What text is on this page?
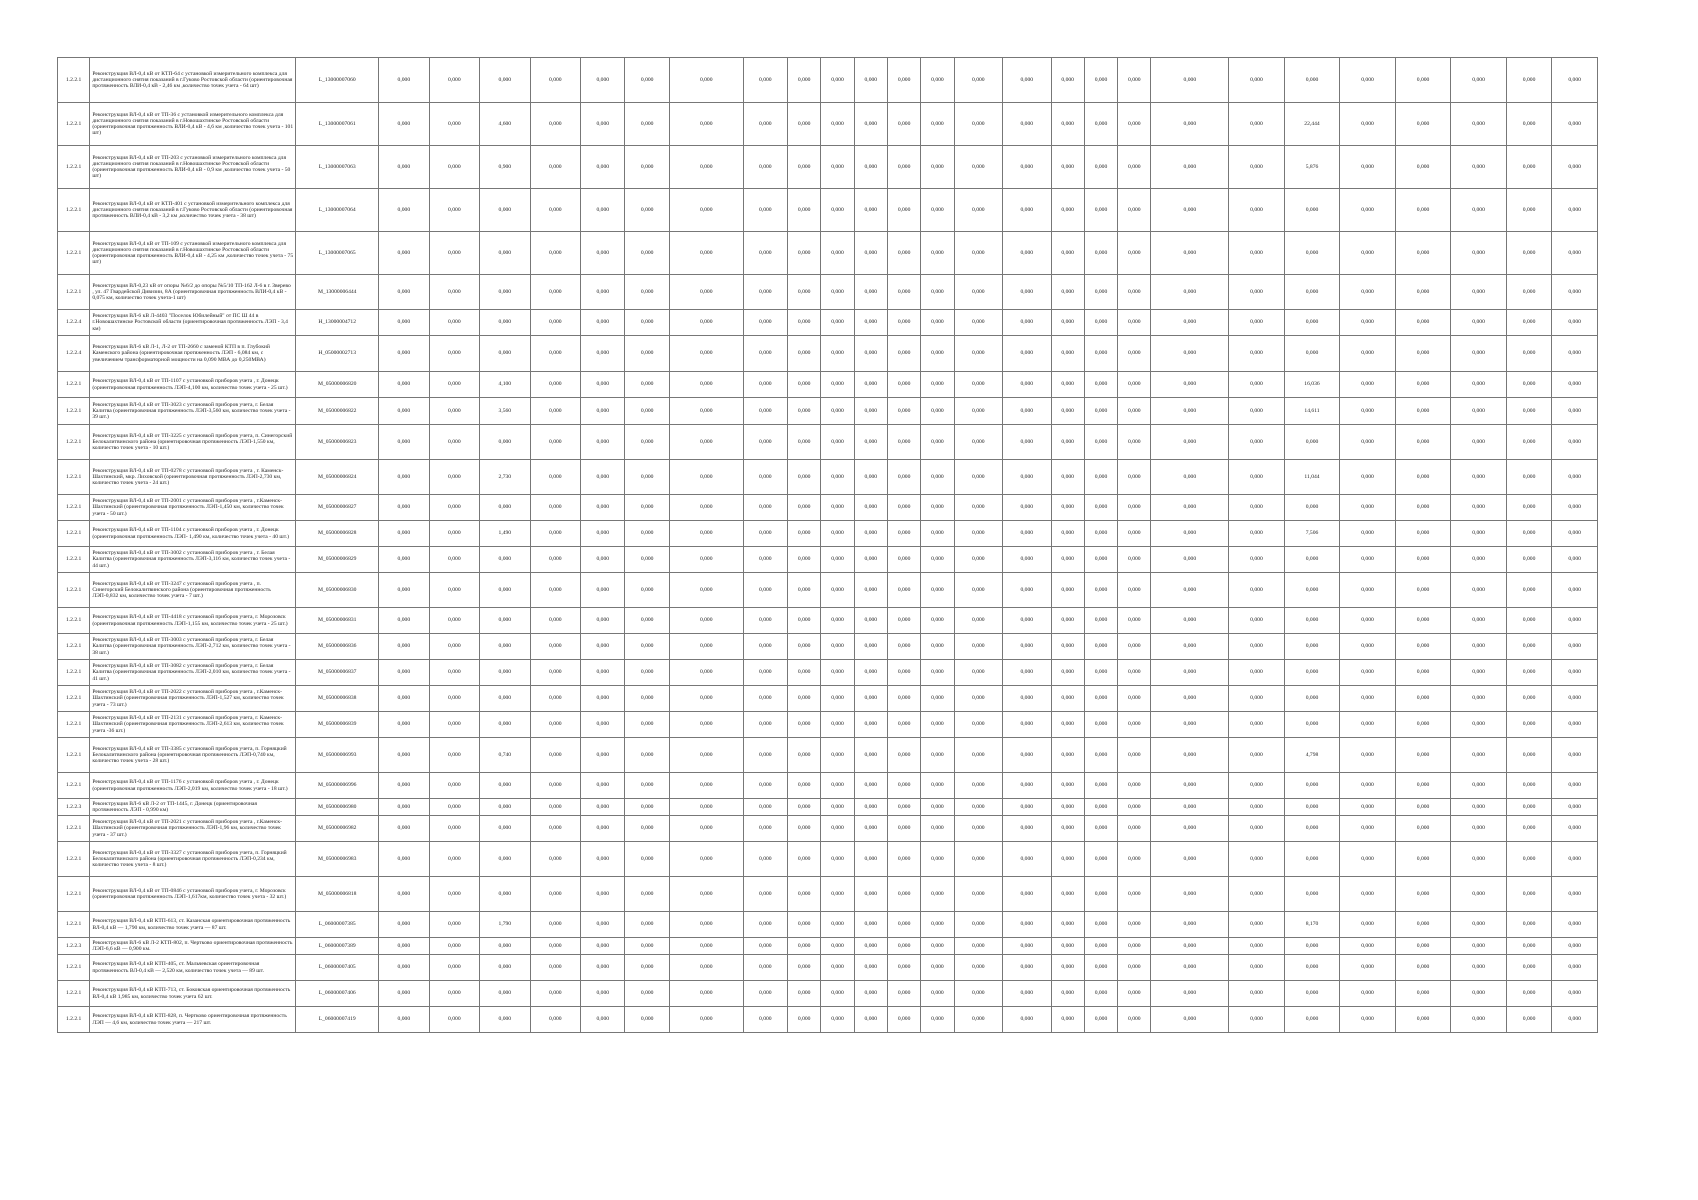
1.2.2.1	Реконструкция ВЛ-0,4 кВ от КТП-64 с установкой измерительного комплекса для дистанционного снятия показаний в г.Гуково Ростовской области (ориентировочная протяженность ВЛИ-0,4 кВ - 2,46 км ,количество точек учета - 64 шт)	L_13000007060	0,000	0,000	0,000	0,000	0,000	0,000	0,000	0,000	0,000	0,000	0,000	0,000	0,000	0,000	0,000	0,000	0,000	0,000	0,000	0,000	0,000	0,000	0,000	0,000	0,000	0,000
1.2.2.1	Реконструкция ВЛ-0,4 кВ от ТП-36 с установкой измерительного комплекса для дистанционного снятия показаний в г.Новошахтинске Ростовской области (ориентировочная протяженность ВЛИ-0,4 кВ - 4,6 км ,количество точек учета - 101 шт)	L_13000007061	0,000	0,000	4,600	0,000	0,000	0,000	0,000	0,000	0,000	0,000	0,000	0,000	0,000	0,000	0,000	0,000	0,000	0,000	0,000	0,000	22,444	0,000	0,000	0,000	0,000	0,000
1.2.2.1	Реконструкция ВЛ-0,4 кВ от ТП-203 с установкой измерительного комплекса для дистанционного снятия показаний в г.Новошахтинске Ростовской области (ориентировочная протяженность ВЛИ-0,4 кВ - 0,9 км ,количество точек учета - 50 шт)	L_13000007063	0,000	0,000	0,900	0,000	0,000	0,000	0,000	0,000	0,000	0,000	0,000	0,000	0,000	0,000	0,000	0,000	0,000	0,000	0,000	0,000	5,876	0,000	0,000	0,000	0,000	0,000
1.2.2.1	Реконструкция ВЛ-0,4 кВ от КТП-401 с установкой измерительного комплекса для дистанционного снятия показаний в г.Гуково Ростовской области (ориентировочная протяженность ВЛИ-0,4 кВ - 3,2 км ,количество точек учета - 38 шт)	L_13000007064	0,000	0,000	0,000	0,000	0,000	0,000	0,000	0,000	0,000	0,000	0,000	0,000	0,000	0,000	0,000	0,000	0,000	0,000	0,000	0,000	0,000	0,000	0,000	0,000	0,000	0,000
1.2.2.1	Реконструкция ВЛ-0,4 кВ от ТП-109 с установкой измерительного комплекса для дистанционного снятия показаний в г.Новошахтинске Ростовской области (ориентировочная протяженность ВЛИ-0,4 кВ - 4,25 км ,количество точек учета - 75 шт)	L_13000007065	0,000	0,000	0,000	0,000	0,000	0,000	0,000	0,000	0,000	0,000	0,000	0,000	0,000	0,000	0,000	0,000	0,000	0,000	0,000	0,000	0,000	0,000	0,000	0,000	0,000	0,000
1.2.2.1	Реконструкция ВЛ-0,23 кВ от опоры №6/2 до опоры №5/10 ТП-162 Л-6 в г. Зверево , ул. 47 Гвардейской Дивизии, 8А (ориентировочная протяженность ВЛИ-0,4 кВ - 0,075 км, количество точек учета-1 шт)	M_13000006444	0,000	0,000	0,000	0,000	0,000	0,000	0,000	0,000	0,000	0,000	0,000	0,000	0,000	0,000	0,000	0,000	0,000	0,000	0,000	0,000	0,000	0,000	0,000	0,000	0,000	0,000
1.2.2.4	Реконструкция ВЛ-6 кВ Л-4403 "Поселок Юбилейный" от ПС Ш 44 в г.Новошахтинске Ростовской области (ориентировочная протяженность ЛЭП - 3,4 км)	H_13000004712	0,000	0,000	0,000	0,000	0,000	0,000	0,000	0,000	0,000	0,000	0,000	0,000	0,000	0,000	0,000	0,000	0,000	0,000	0,000	0,000	0,000	0,000	0,000	0,000	0,000	0,000
1.2.2.4	Реконструкция ВЛ-6 кВ Л-1, Л-2 от ТП-2660 с заменой КТП в п. Глубокий Каменского района (ориентировочная протяженность ЛЭП - 6,084 км, с увеличением трансформаторной мощности на 0,090 МВА до 0,250МВА)	H_05000002713	0,000	0,000	0,000	0,000	0,000	0,000	0,000	0,000	0,000	0,000	0,000	0,000	0,000	0,000	0,000	0,000	0,000	0,000	0,000	0,000	0,000	0,000	0,000	0,000	0,000	0,000
1.2.2.1	Реконструкция ВЛ-0,4 кВ от ТП-1107 с установкой приборов учета , г. Донецк (ориентировочная протяженность ЛЭП-4,100 км, количество точек учета - 25 шт.)	M_05000006820	0,000	0,000	4,100	0,000	0,000	0,000	0,000	0,000	0,000	0,000	0,000	0,000	0,000	0,000	0,000	0,000	0,000	0,000	0,000	0,000	16,036	0,000	0,000	0,000	0,000	0,000
1.2.2.1	Реконструкция ВЛ-0,4 кВ от ТП-3023 с установкой приборов учета, г. Белая Калитва (ориентировочная протяженность ЛЭП-3,560 км, количество точек учета - 39 шт.)	M_05000006822	0,000	0,000	3,560	0,000	0,000	0,000	0,000	0,000	0,000	0,000	0,000	0,000	0,000	0,000	0,000	0,000	0,000	0,000	0,000	0,000	14,611	0,000	0,000	0,000	0,000	0,000
1.2.2.1	Реконструкция ВЛ-0,4 кВ от ТП-3225 с установкой приборов учета, п. Синегорский Белокалитвинского района (ориентировочная протяженность ЛЭП-1,550 км, количество точек учета - 10 шт.)	M_05000006823	0,000	0,000	0,000	0,000	0,000	0,000	0,000	0,000	0,000	0,000	0,000	0,000	0,000	0,000	0,000	0,000	0,000	0,000	0,000	0,000	0,000	0,000	0,000	0,000	0,000	0,000
1.2.2.1	Реконструкция ВЛ-0,4 кВ от ТП-0278 с установкой приборов учета , г. Каменск-Шахтинский, мкр. Лиховской (ориентировочная протяженность ЛЭП-2,730 км, количество точек учета - 24 шт.)	M_05000006824	0,000	0,000	2,730	0,000	0,000	0,000	0,000	0,000	0,000	0,000	0,000	0,000	0,000	0,000	0,000	0,000	0,000	0,000	0,000	0,000	11,044	0,000	0,000	0,000	0,000	0,000
1.2.2.1	Реконструкция ВЛ-0,4 кВ от ТП-2001 с установкой приборов учета , г.Каменск-Шахтинский (ориентировочная протяженность ЛЭП-1,450 км, количество точек учета - 50 шт.)	M_05000006827	0,000	0,000	0,000	0,000	0,000	0,000	0,000	0,000	0,000	0,000	0,000	0,000	0,000	0,000	0,000	0,000	0,000	0,000	0,000	0,000	0,000	0,000	0,000	0,000	0,000	0,000
1.2.2.1	Реконструкция ВЛ-0,4 кВ от ТП-1104 с установкой приборов учета , г. Донецк (ориентировочная протяженность ЛЭП- 1,490 км, количество точек учета - 40 шт.)	M_05000006828	0,000	0,000	1,490	0,000	0,000	0,000	0,000	0,000	0,000	0,000	0,000	0,000	0,000	0,000	0,000	0,000	0,000	0,000	0,000	0,000	7,506	0,000	0,000	0,000	0,000	0,000
1.2.2.1	Реконструкция ВЛ-0,4 кВ от ТП-3002 с установкой приборов учета , г. Белая Калитва (ориентировочная протяженность ЛЭП-3,116 км, количество точек учета - 44 шт.)	M_05000006829	0,000	0,000	0,000	0,000	0,000	0,000	0,000	0,000	0,000	0,000	0,000	0,000	0,000	0,000	0,000	0,000	0,000	0,000	0,000	0,000	0,000	0,000	0,000	0,000	0,000	0,000
1.2.2.1	Реконструкция ВЛ-0,4 кВ от ТП-3247 с установкой приборов учета , п. Синегорский Белокалитвинского района (ориентировочная протяженность ЛЭП-0,832 км, количество точек учета - 7 шт.)	M_05000006830	0,000	0,000	0,000	0,000	0,000	0,000	0,000	0,000	0,000	0,000	0,000	0,000	0,000	0,000	0,000	0,000	0,000	0,000	0,000	0,000	0,000	0,000	0,000	0,000	0,000	0,000
1.2.2.1	Реконструкция ВЛ-0,4 кВ от ТП-4418 с установкой приборов учета, г. Морозовск (ориентировочная протяженность ЛЭП-1,155 км, количество точек учета - 25 шт.)	M_05000006831	0,000	0,000	0,000	0,000	0,000	0,000	0,000	0,000	0,000	0,000	0,000	0,000	0,000	0,000	0,000	0,000	0,000	0,000	0,000	0,000	0,000	0,000	0,000	0,000	0,000	0,000
1.2.2.1	Реконструкция ВЛ-0,4 кВ от ТП-3003 с установкой приборов учета, г. Белая Калитва (ориентировочная протяженность ЛЭП-2,712 км, количество точек учета - 38 шт.)	M_05000006836	0,000	0,000	0,000	0,000	0,000	0,000	0,000	0,000	0,000	0,000	0,000	0,000	0,000	0,000	0,000	0,000	0,000	0,000	0,000	0,000	0,000	0,000	0,000	0,000	0,000	0,000
1.2.2.1	Реконструкция ВЛ-0,4 кВ от ТП-3082 с установкой приборов учета, г. Белая Калитва (ориентировочная протяженность ЛЭП-2,010 км, количество точек учета - 41 шт.)	M_05000006837	0,000	0,000	0,000	0,000	0,000	0,000	0,000	0,000	0,000	0,000	0,000	0,000	0,000	0,000	0,000	0,000	0,000	0,000	0,000	0,000	0,000	0,000	0,000	0,000	0,000	0,000
1.2.2.1	Реконструкция ВЛ-0,4 кВ от ТП-2022 с установкой приборов учета , г.Каменск-Шахтинский (ориентировочная протяженность ЛЭП-1,527 км, количество точек учета - 73 шт.)	M_05000006838	0,000	0,000	0,000	0,000	0,000	0,000	0,000	0,000	0,000	0,000	0,000	0,000	0,000	0,000	0,000	0,000	0,000	0,000	0,000	0,000	0,000	0,000	0,000	0,000	0,000	0,000
1.2.2.1	Реконструкция ВЛ-0,4 кВ от ТП-2131 с установкой приборов учета, г. Каменск-Шахтинский (ориентировочная протяженность ЛЭП-2,613 км, количество точек учета -36 шт.)	M_05000006839	0,000	0,000	0,000	0,000	0,000	0,000	0,000	0,000	0,000	0,000	0,000	0,000	0,000	0,000	0,000	0,000	0,000	0,000	0,000	0,000	0,000	0,000	0,000	0,000	0,000	0,000
1.2.2.1	Реконструкция ВЛ-0,4 кВ от ТП-3385 с установкой приборов учета, п. Горняцкий Белокалитвинского района (ориентировочная протяженность ЛЭП-0,740 км, количество точек учета - 28 шт.)	M_05000006993	0,000	0,000	0,740	0,000	0,000	0,000	0,000	0,000	0,000	0,000	0,000	0,000	0,000	0,000	0,000	0,000	0,000	0,000	0,000	0,000	4,798	0,000	0,000	0,000	0,000	0,000
1.2.2.1	Реконструкция ВЛ-0,4 кВ от ТП-1176 с установкой приборов учета , г. Донецк (ориентировочная протяженность ЛЭП-2,019 км, количество точек учета - 18 шт.)	M_05000006996	0,000	0,000	0,000	0,000	0,000	0,000	0,000	0,000	0,000	0,000	0,000	0,000	0,000	0,000	0,000	0,000	0,000	0,000	0,000	0,000	0,000	0,000	0,000	0,000	0,000	0,000
1.2.2.3	Реконструкция ВЛ-6 кВ Л-2 от ТП-1445, г. Донецк (ориентировочная протяженность ЛЭП - 0,990 км)	M_05000006980	0,000	0,000	0,000	0,000	0,000	0,000	0,000	0,000	0,000	0,000	0,000	0,000	0,000	0,000	0,000	0,000	0,000	0,000	0,000	0,000	0,000	0,000	0,000	0,000	0,000	0,000
1.2.2.1	Реконструкция ВЛ-0,4 кВ от ТП-2021 с установкой приборов учета , г.Каменск-Шахтинский (ориентировочная протяженность ЛЭП-1,96 км, количество точек учета - 37 шт.)	M_05000006982	0,000	0,000	0,000	0,000	0,000	0,000	0,000	0,000	0,000	0,000	0,000	0,000	0,000	0,000	0,000	0,000	0,000	0,000	0,000	0,000	0,000	0,000	0,000	0,000	0,000	0,000
1.2.2.1	Реконструкция ВЛ-0,4 кВ от ТП-3327 с установкой приборов учета, п. Горняцкий Белокалитвинского района (ориентировочная протяженность ЛЭП-0,234 км, количество точек учета - 8 шт.)	M_05000006983	0,000	0,000	0,000	0,000	0,000	0,000	0,000	0,000	0,000	0,000	0,000	0,000	0,000	0,000	0,000	0,000	0,000	0,000	0,000	0,000	0,000	0,000	0,000	0,000	0,000	0,000
1.2.2.1	Реконструкция ВЛ-0,4 кВ от ТП-0846 с установкой приборов учета, г. Морозовск (ориентировочная протяженность ЛЭП-1,617км, количество точек учета - 32 шт.)	M_05000006818	0,000	0,000	0,000	0,000	0,000	0,000	0,000	0,000	0,000	0,000	0,000	0,000	0,000	0,000	0,000	0,000	0,000	0,000	0,000	0,000	0,000	0,000	0,000	0,000	0,000	0,000
1.2.2.1	Реконструкция ВЛ-0,4 кВ КТП-613, ст. Казанская ориентировочная протяженность ВЛ-0,4 кВ — 1,790 км, количество точек учета — 87 шт.	L_06000007385	0,000	0,000	1,790	0,000	0,000	0,000	0,000	0,000	0,000	0,000	0,000	0,000	0,000	0,000	0,000	0,000	0,000	0,000	0,000	0,000	8,170	0,000	0,000	0,000	0,000	0,000
1.2.2.3	Реконструкция ВЛ-6 кВ Л-2 КТП-802, п. Чертково ориентировочная протяженность ЛЭП-6,6 кВ — 0,900 км.	L_06000007389	0,000	0,000	0,000	0,000	0,000	0,000	0,000	0,000	0,000	0,000	0,000	0,000	0,000	0,000	0,000	0,000	0,000	0,000	0,000	0,000	0,000	0,000	0,000	0,000	0,000	0,000
1.2.2.1	Реконструкция ВЛ-0,4 кВ КТП-405, ст. Мальчевская ориентировочная протяженность ВЛ-0,4 кВ — 2,520 км, количество точек учета — 89 шт.	L_06000007405	0,000	0,000	0,000	0,000	0,000	0,000	0,000	0,000	0,000	0,000	0,000	0,000	0,000	0,000	0,000	0,000	0,000	0,000	0,000	0,000	0,000	0,000	0,000	0,000	0,000	0,000
1.2.2.1	Реконструкция ВЛ-0,4 кВ КТП-713, ст. Боковская ориентировочная протяженность ВЛ-0,4 кВ 1,985 км, количество точек учета 62 шт.	L_06000007406	0,000	0,000	0,000	0,000	0,000	0,000	0,000	0,000	0,000	0,000	0,000	0,000	0,000	0,000	0,000	0,000	0,000	0,000	0,000	0,000	0,000	0,000	0,000	0,000	0,000	0,000
1.2.2.1	Реконструкция ВЛ-0,4 кВ КТП-828, п. Чертково ориентировочная протяженность ЛЭП — 4,6 км, количество точек учета — 217 шт.	L_06000007419	0,000	0,000	0,000	0,000	0,000	0,000	0,000	0,000	0,000	0,000	0,000	0,000	0,000	0,000	0,000	0,000	0,000	0,000	0,000	0,000	0,000	0,000	0,000	0,000	0,000	0,000
